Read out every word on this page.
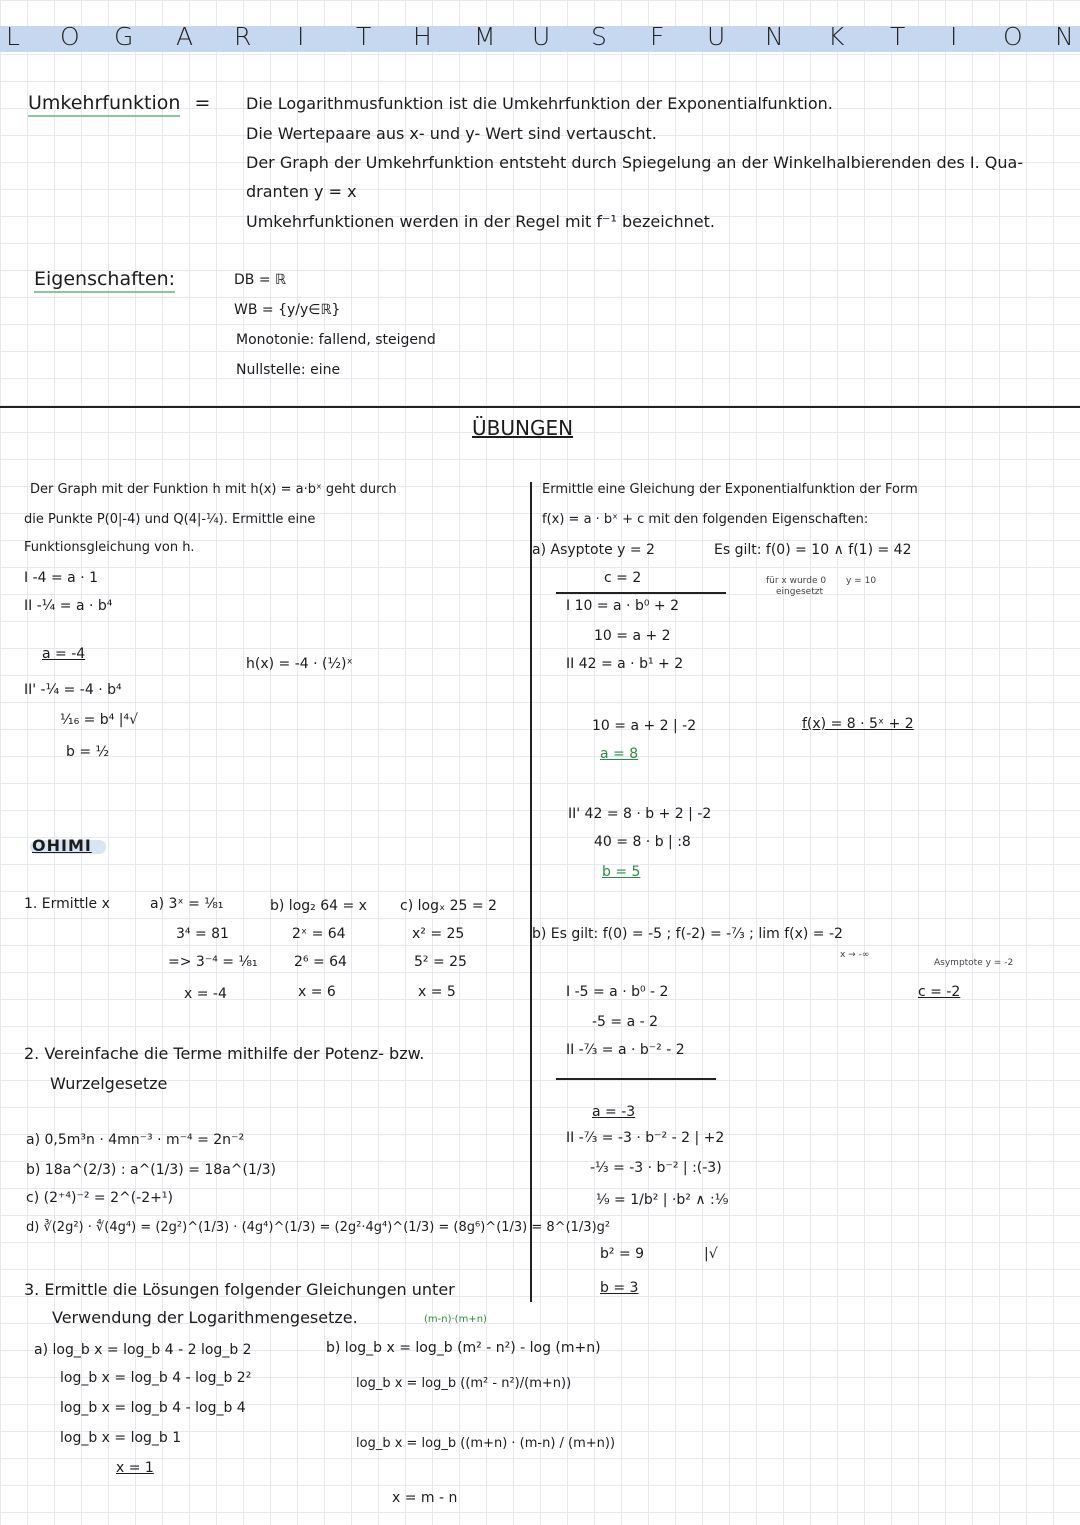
L O G A R I T H M U S F U N K T I O N
Umkehrfunktion = Die Logarithmusfunktion ist die Umkehrfunktion der Exponentialfunktion.
Die Wertepaare aus x- und y- Wert sind vertauscht.
Der Graph der Umkehrfunktion entsteht durch Spiegelung an der Winkelhalbierenden des I. Qua-
dranten y = x
Umkehrfunktionen werden in der Regel mit f⁻¹ bezeichnet.
Eigenschaften:	DB = ℝ
WB = {y/y∈ℝ}
Monotonie: fallend, steigend
Nullstelle: eine
ÜBUNGEN
Der Graph mit der Funktion h mit h(x) = a·bˣ geht durch
die Punkte P(0|-4) und Q(4|-¼). Ermittle eine
Funktionsgleichung von h.
I -4 = a · 1
II -¼ = a · b⁴
a = -4
II' -¼ = -4 · b⁴
¹⁄₁₆ = b⁴ |⁴√
b = ½
h(x) = -4 · (½)ˣ
Ermittle eine Gleichung der Exponentialfunktion der Form
f(x) = a · bˣ + c mit den folgenden Eigenschaften:
a) Asyptote y = 2	Es gilt: f(0) = 10 ∧ f(1) = 42
für x wurde 0
eingesetzt
y = 10
c = 2
I 10 = a · b⁰ + 2
10 = a + 2
II 42 = a · b¹ + 2
10 = a + 2 | -2
a = 8
II' 42 = 8 · b + 2 | -2
40 = 8 · b | :8
b = 5
f(x) = 8 · 5ˣ + 2
b) Es gilt: f(0) = -5 ; f(-2) = -⁷⁄₃ ; lim f(x) = -2
x → -∞
Asymptote y = -2
c = -2
I -5 = a · b⁰ - 2
-5 = a - 2
II -⁷⁄₃ = a · b⁻² - 2
a = -3
II -⁷⁄₃ = -3 · b⁻² - 2 | +2
-⅓ = -3 · b⁻² | :(-3)
¹⁄₉ = 1/b² | ·b² ∧ :¹⁄₉
b² = 9	|√
b = 3
OHIMI
1. Ermittle x	a) 3ˣ = ¹⁄₈₁
3⁴ = 81
=> 3⁻⁴ = ¹⁄₈₁
x = -4
b) log₂ 64 = x
2ˣ = 64
2⁶ = 64
x = 6
c) logₓ 25 = 2
x² = 25
5² = 25
x = 5
2. Vereinfache die Terme mithilfe der Potenz- bzw.
Wurzelgesetze
a) 0,5m³n · 4mn⁻³ · m⁻⁴ = 2n⁻²
b) 18a^(2/3) : a^(1/3) = 18a^(1/3)
c) (2⁺⁴)⁻² = 2^(-2+¹)
d) ∛(2g²) · ∜(4g⁴) = (2g²)^(1/3) · (4g⁴)^(1/3) = (2g²·4g⁴)^(1/3) = (8g⁶)^(1/3) = 8^(1/3)g²
3. Ermittle die Lösungen folgender Gleichungen unter
Verwendung der Logarithmengesetze.
a) log_b x = log_b 4 - 2 log_b 2
log_b x = log_b 4 - log_b 2²
log_b x = log_b 4 - log_b 4
log_b x = log_b 1
x = 1
(m-n)·(m+n)
b) log_b x = log_b (m² - n²) - log (m+n)
log_b x = log_b ((m² - n²)/(m+n))
log_b x = log_b ((m+n) · (m-n) / (m+n))
x = m - n
